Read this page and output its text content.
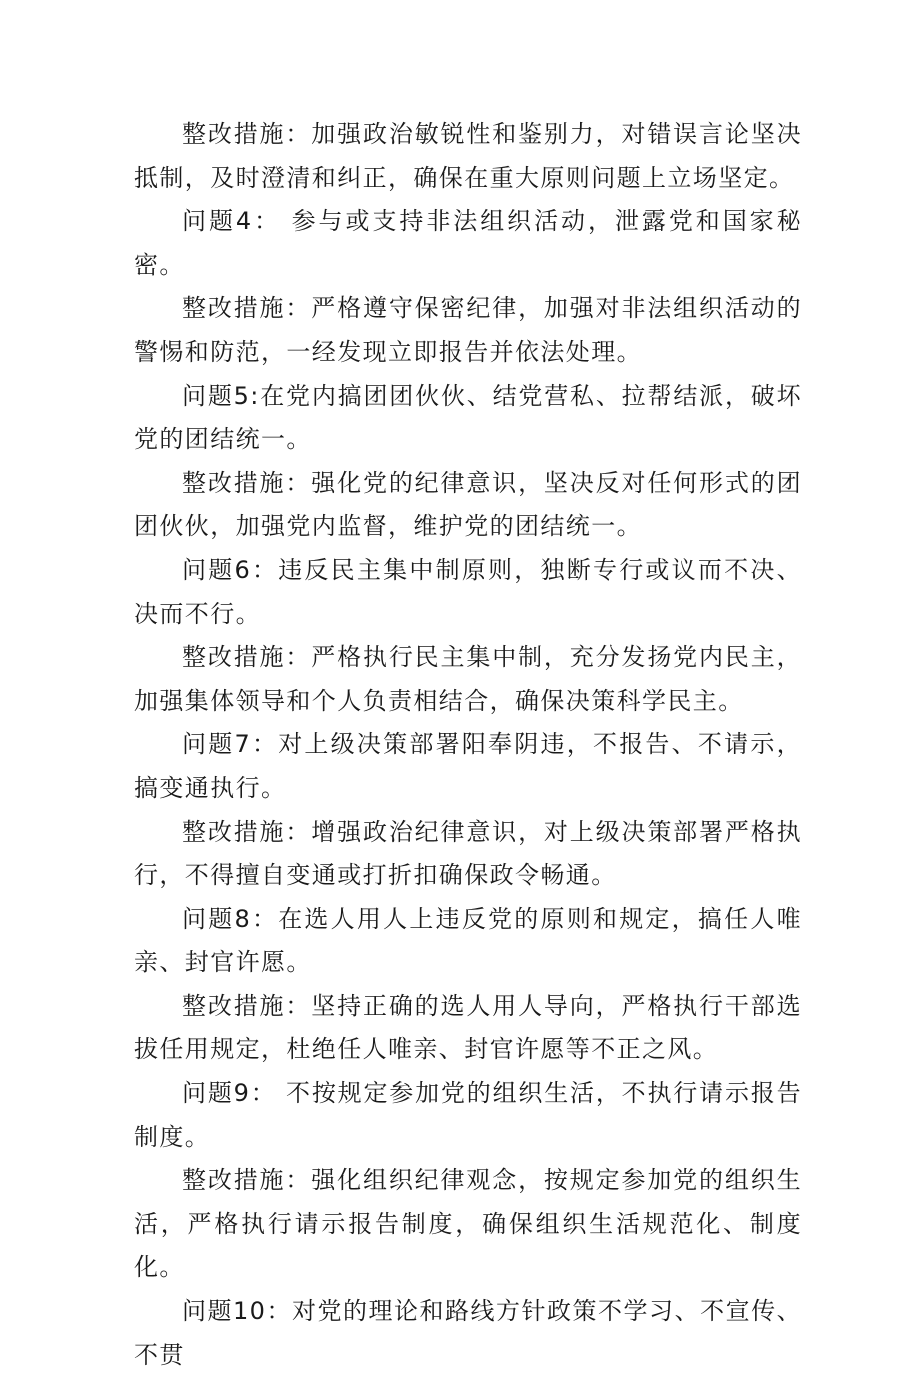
整改措施：加强政治敏锐性和鉴别力，对错误言论坚决抵制，及时澄清和纠正，确保在重大原则问题上立场坚定。

问题4： 参与或支持非法组织活动，泄露党和国家秘密。

整改措施：严格遵守保密纪律，加强对非法组织活动的警惕和防范，一经发现立即报告并依法处理。

问题5:在党内搞团团伙伙、结党营私、拉帮结派，破坏党的团结统一。

整改措施：强化党的纪律意识，坚决反对任何形式的团团伙伙，加强党内监督，维护党的团结统一。

问题6：违反民主集中制原则，独断专行或议而不决、决而不行。

整改措施：严格执行民主集中制，充分发扬党内民主，加强集体领导和个人负责相结合，确保决策科学民主。

问题7：对上级决策部署阳奉阴违，不报告、不请示，搞变通执行。

整改措施：增强政治纪律意识，对上级决策部署严格执行，不得擅自变通或打折扣确保政令畅通。

问题8：在选人用人上违反党的原则和规定，搞任人唯亲、封官许愿。

整改措施：坚持正确的选人用人导向，严格执行干部选拔任用规定，杜绝任人唯亲、封官许愿等不正之风。

问题9： 不按规定参加党的组织生活，不执行请示报告制度。

整改措施：强化组织纪律观念，按规定参加党的组织生活，严格执行请示报告制度，确保组织生活规范化、制度化。

问题10：对党的理论和路线方针政策不学习、不宣传、不贯
